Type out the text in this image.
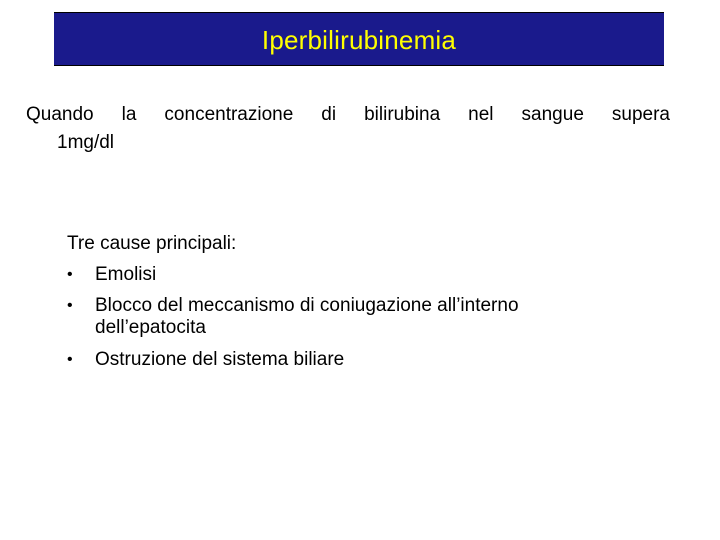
Iperbilirubinemia
Quando la concentrazione di bilirubina nel sangue supera
1mg/dl
Tre cause principali:
• Emolisi
• Blocco del meccanismo di coniugazione all’interno
dell’epatocita
• Ostruzione del sistema biliare
